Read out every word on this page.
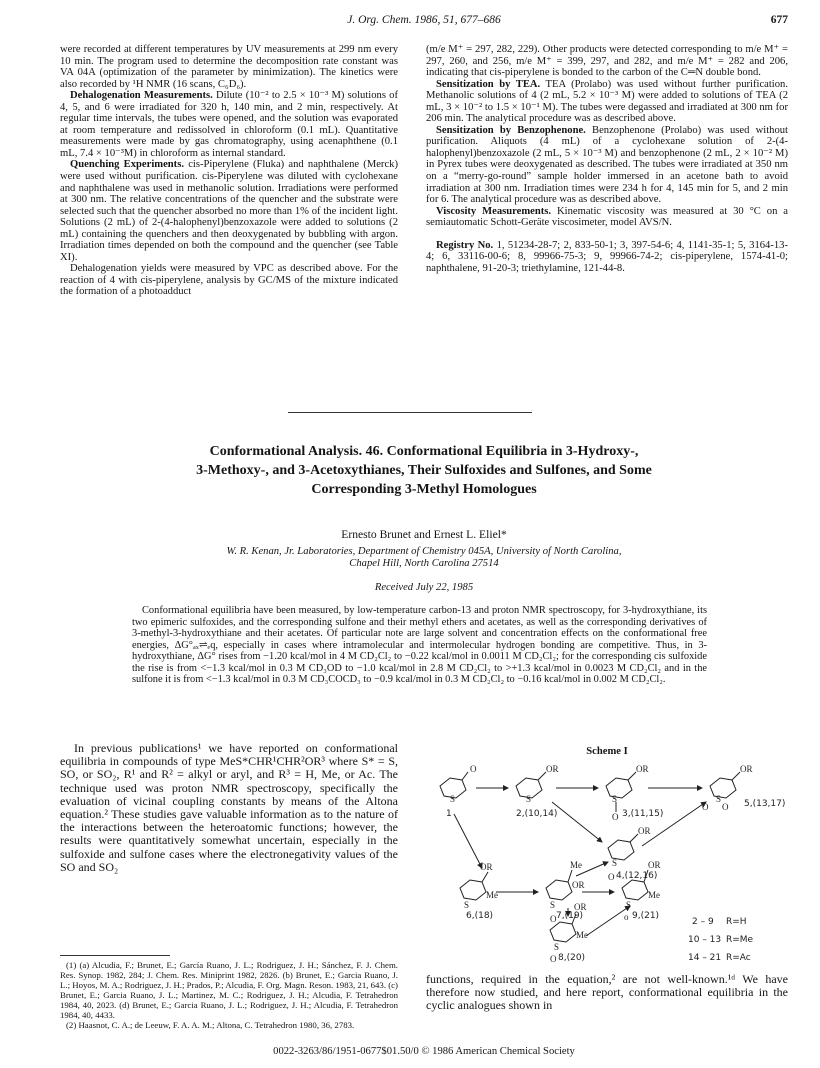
J. Org. Chem. 1986, 51, 677–686	677

were recorded at different temperatures by UV measurements at 299 nm every 10 min. The program used to determine the decomposition rate constant was VA 04A (optimization of the parameter by minimization). The kinetics were also recorded by ¹H NMR (16 scans, C₆D₆).

Dehalogenation Measurements. Dilute (10⁻² to 2.5 × 10⁻³ M) solutions of 4, 5, and 6 were irradiated for 320 h, 140 min, and 2 min, respectively. At regular time intervals, the tubes were opened, and the solution was evaporated at room temperature and redissolved in chloroform (0.1 mL). Quantitative measurements were made by gas chromatography, using acenaphthene (0.1 mL, 7.4 × 10⁻³M) in chloroform as internal standard.

Quenching Experiments. cis-Piperylene (Fluka) and naphthalene (Merck) were used without purification. cis-Piperylene was diluted with cyclohexane and naphthalene was used in methanolic solution. Irradiations were performed at 300 nm. The relative concentrations of the quencher and the substrate were selected such that the quencher absorbed no more than 1% of the incident light. Solutions (2 mL) of 2-(4-halophenyl)benzoxazole were added to solutions (2 mL) containing the quenchers and then deoxygenated by bubbling with argon. Irradiation times depended on both the compound and the quencher (see Table XI).

Dehalogenation yields were measured by VPC as described above. For the reaction of 4 with cis-piperylene, analysis by GC/MS of the mixture indicated the formation of a photoadduct

(m/e M⁺ = 297, 282, 229). Other products were detected corresponding to m/e M⁺ = 297, 260, and 256, m/e M⁺ = 399, 297, and 282, and m/e M⁺ = 282 and 206, indicating that cis-piperylene is bonded to the carbon of the C═N double bond.

Sensitization by TEA. TEA (Prolabo) was used without further purification. Methanolic solutions of 4 (2 mL, 5.2 × 10⁻³ M) were added to solutions of TEA (2 mL, 3 × 10⁻² to 1.5 × 10⁻¹ M). The tubes were degassed and irradiated at 300 nm for 206 min. The analytical procedure was as described above.

Sensitization by Benzophenone. Benzophenone (Prolabo) was used without purification. Aliquots (4 mL) of a cyclohexane solution of 2-(4-halophenyl)benzoxazole (2 mL, 5 × 10⁻³ M) and benzophenone (2 mL, 2 × 10⁻² M) in Pyrex tubes were deoxygenated as described. The tubes were irradiated at 350 nm on a “merry-go-round” sample holder immersed in an acetone bath to avoid irradiation at 300 nm. Irradiation times were 234 h for 4, 145 min for 5, and 2 min for 6. The analytical procedure was as described above.

Viscosity Measurements. Kinematic viscosity was measured at 30 °C on a semiautomatic Schott-Geräte viscosimeter, model AVS/N.

Registry No. 1, 51234-28-7; 2, 833-50-1; 3, 397-54-6; 4, 1141-35-1; 5, 3164-13-4; 6, 33116-00-6; 8, 99966-75-3; 9, 99966-74-2; cis-piperylene, 1574-41-0; naphthalene, 91-20-3; triethylamine, 121-44-8.

Conformational Analysis. 46. Conformational Equilibria in 3-Hydroxy-,
3-Methoxy-, and 3-Acetoxythianes, Their Sulfoxides and Sulfones, and Some
Corresponding 3-Methyl Homologues
Ernesto Brunet and Ernest L. Eliel*
W. R. Kenan, Jr. Laboratories, Department of Chemistry 045A, University of North Carolina,
Chapel Hill, North Carolina 27514
Received July 22, 1985
Conformational equilibria have been measured, by low-temperature carbon-13 and proton NMR spectroscopy, for 3-hydroxythiane, its two epimeric sulfoxides, and the corresponding sulfone and their methyl ethers and acetates, as well as the corresponding derivatives of 3-methyl-3-hydroxythiane and their acetates. Of particular note are large solvent and concentration effects on the conformational free energies, ΔG°ₐₓ⇌ₑq, especially in cases where intramolecular and intermolecular hydrogen bonding are competitive. Thus, in 3-hydroxythiane, ΔG° rises from −1.20 kcal/mol in 4 M CD₂Cl₂ to −0.22 kcal/mol in 0.0011 M CD₂Cl₂; for the corresponding cis sulfoxide the rise is from <−1.3 kcal/mol in 0.3 M CD₃OD to −1.0 kcal/mol in 2.8 M CD₂Cl₂ to >+1.3 kcal/mol in 0.0023 M CD₂Cl₂ and in the sulfone it is from <−1.3 kcal/mol in 0.3 M CD₃COCD₃ to −0.9 kcal/mol in 0.3 M CD₂Cl₂ to −0.16 kcal/mol in 0.002 M CD₂Cl₂.

In previous publications¹ we have reported on conformational equilibria in compounds of type MeS*CHR¹CHR²OR³ where S* = S, SO, or SO₂, R¹ and R² = alkyl or aryl, and R³ = H, Me, or Ac. The technique used was proton NMR spectroscopy, specifically the evaluation of vicinal coupling constants by means of the Altona equation.² These studies gave valuable information as to the nature of the interactions between the heteroatomic functions; however, the results were quantitatively somewhat uncertain, especially in the sulfoxide and sulfone cases where the electronegativity values of the SO and SO₂

(1) (a) Alcudia, F.; Brunet, E.; García Ruano, J. L.; Rodriguez, J. H.; Sánchez, F. J. Chem. Res. Synop. 1982, 284; J. Chem. Res. Miniprint 1982, 2826. (b) Brunet, E.; Garcia Ruano, J. L.; Hoyos, M. A.; Rodriguez, J. H.; Prados, P.; Alcudia, F. Org. Magn. Reson. 1983, 21, 643. (c) Brunet, E.; Garcia Ruano, J. L.; Martinez, M. C.; Rodriguez, J. H.; Alcudia, F. Tetrahedron 1984, 40, 2023. (d) Brunet, E.; Garcia Ruano, J. L.; Rodriguez, J. H.; Alcudia, F. Tetrahedron 1984, 40, 4433.

(2) Haasnot, C. A.; de Leeuw, F. A. A. M.; Altona, C. Tetrahedron 1980, 36, 2783.

Scheme I
O
S
OR
S
OR
S
O
OR
S
O O
OR
S
O
OR
Me
S
Me
OR
S
O
OR
Me
S
o
OR
Me
S
O
1	2,(10,14)	3,(11,15)
5,(13,17)
4,(12,16)
6,(18)	7,(19)	9,(21)
8,(20)
2 – 9 R=H
10 – 13 R=Me
14 – 21 R=Ac
functions, required in the equation,² are not well-known.¹ᵈ We have therefore now studied, and here report, conformational equilibria in the cyclic analogues shown in
0022-3263/86/1951-0677$01.50/0 © 1986 American Chemical Society
